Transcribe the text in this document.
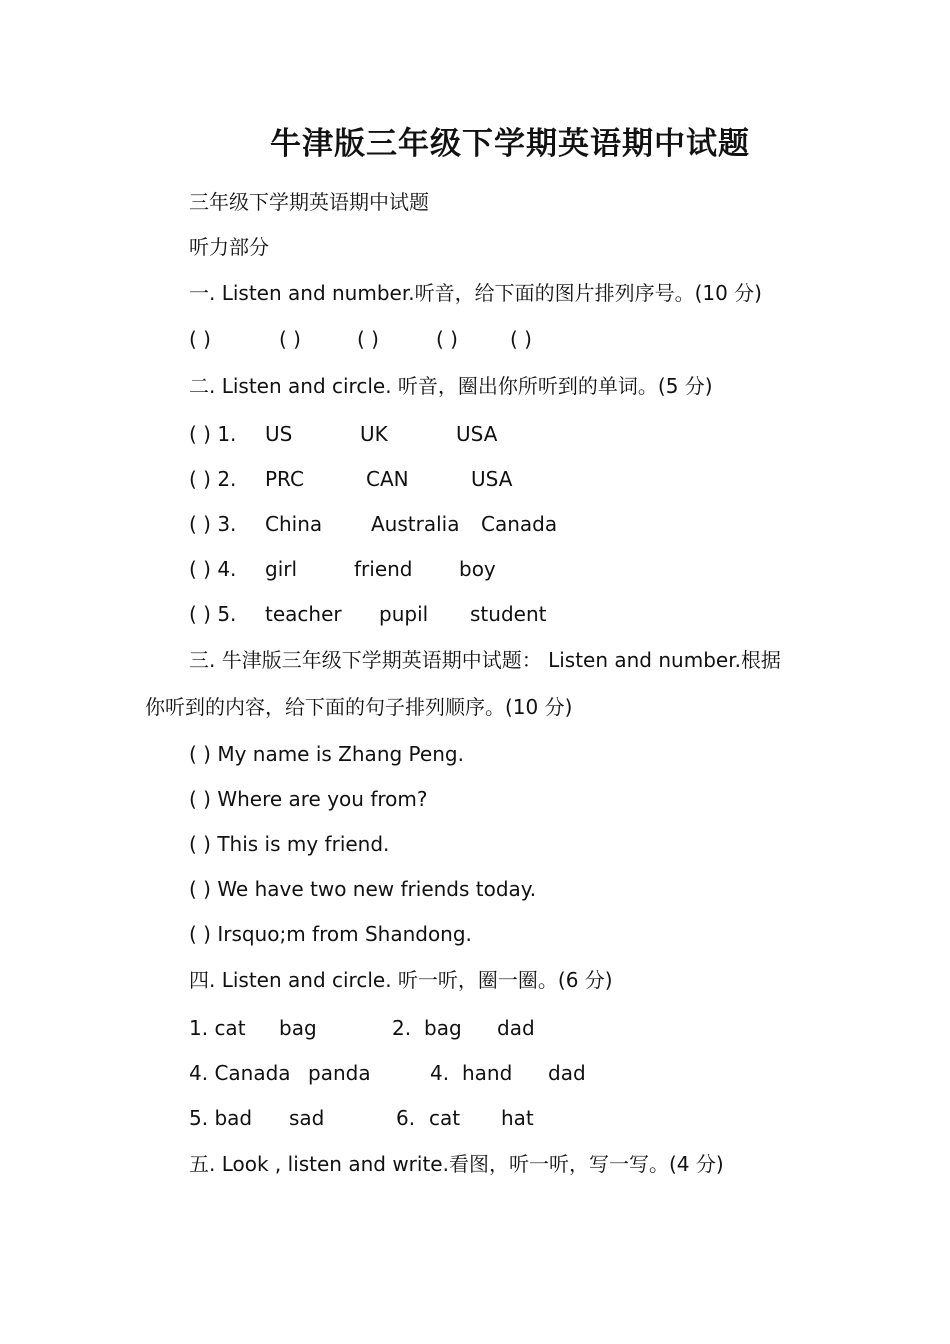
牛津版三年级下学期英语期中试题
三年级下学期英语期中试题
听力部分
一. Listen and number.听音，给下面的图片排列序号。(10 分)
( )	( )	( )	( )	( )
二. Listen and circle. 听音，圈出你所听到的单词。(5 分)
( ) 1. US	UK	USA
( ) 2. PRC	CAN	USA
( ) 3. China Australia Canada
( ) 4. girl	friend boy
( ) 5. teacher pupil student
三. 牛津版三年级下学期英语期中试题： Listen and number.根据
你听到的内容，给下面的句子排列顺序。(10 分)
( ) My name is Zhang Peng.
( ) Where are you from?
( ) This is my friend.
( ) We have two new friends today.
( ) Irsquo;m from Shandong.
四. Listen and circle. 听一听，圈一圈。(6 分)
1. cat bag	2. bag dad
4. Canada panda	4. hand dad
5. bad sad	6. cat hat
五. Look , listen and write.看图，听一听，写一写。(4 分)
